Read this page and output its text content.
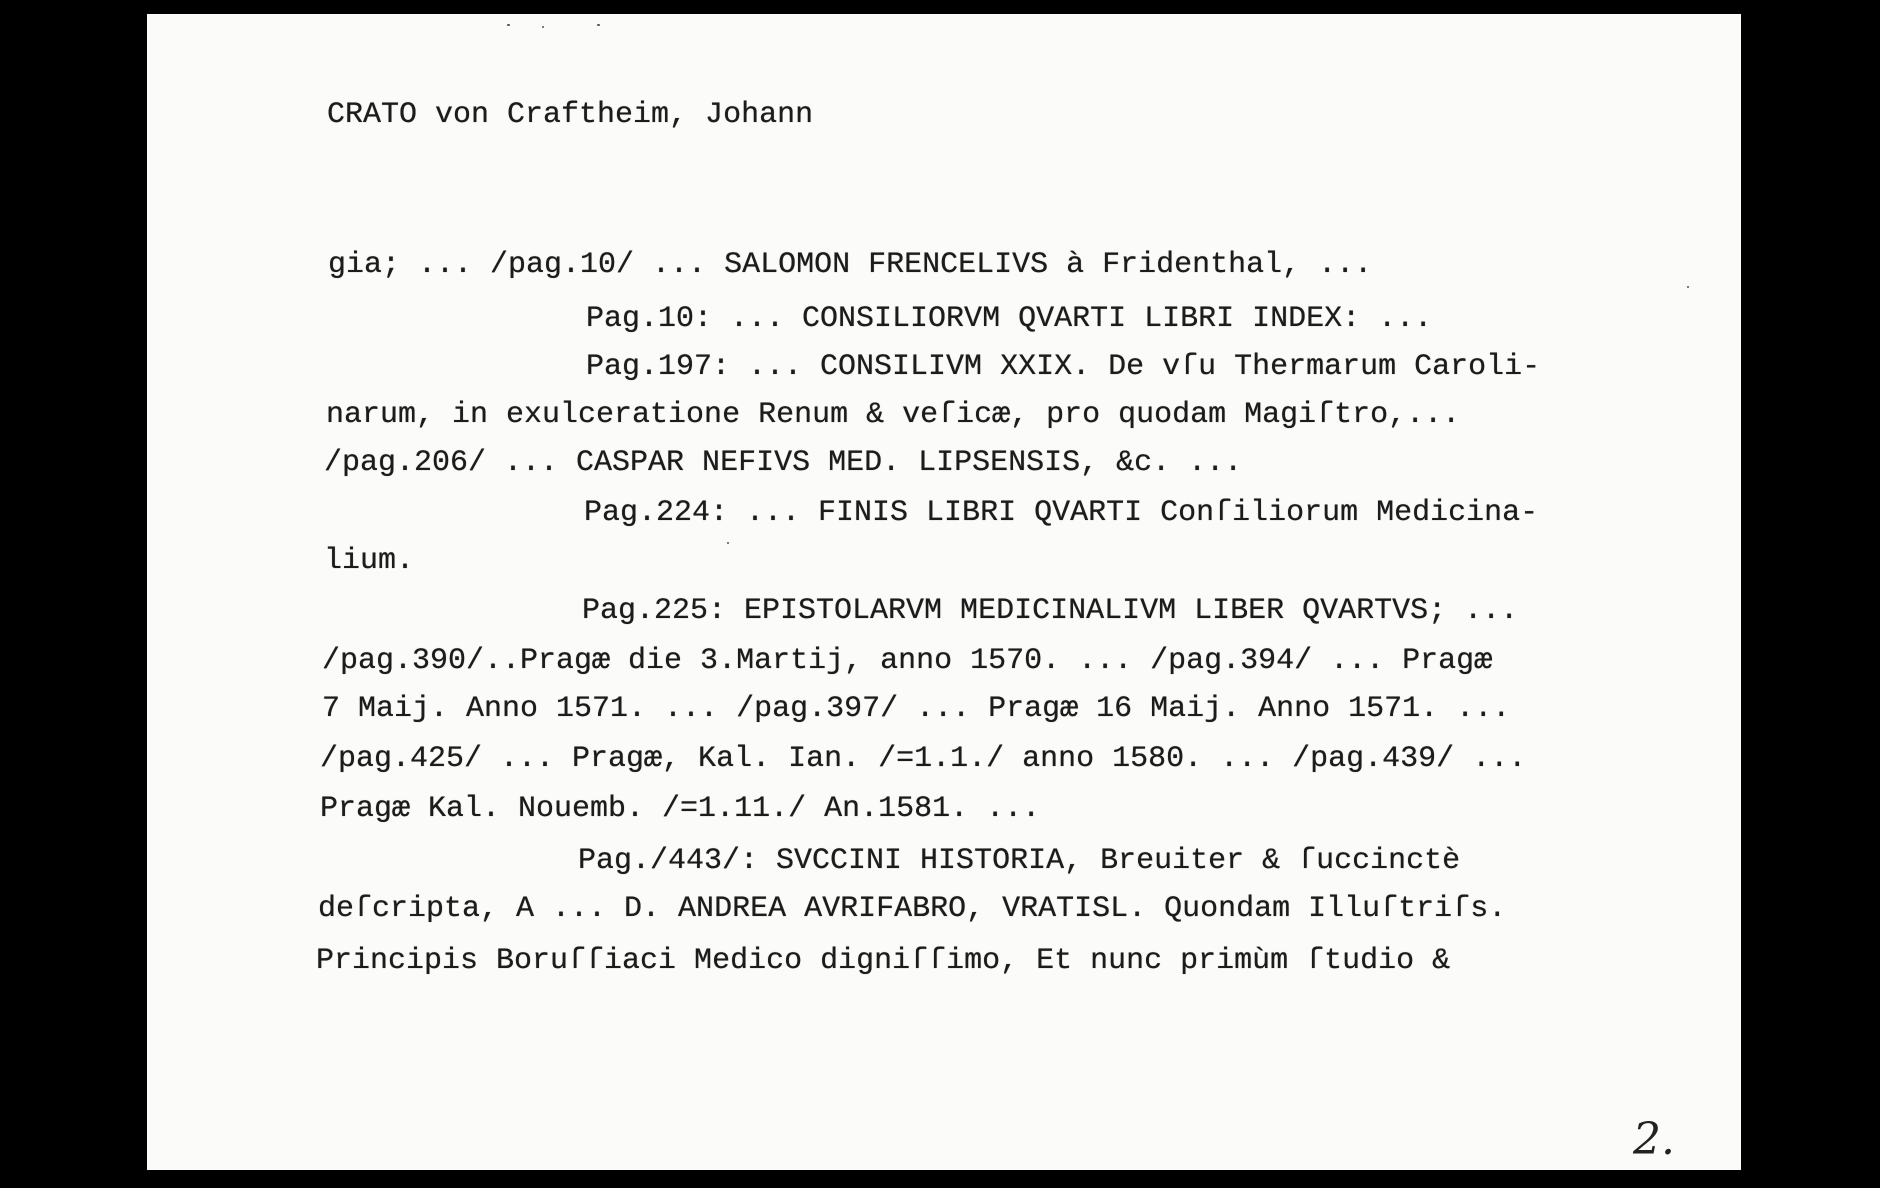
CRATO von Craftheim, Johann
gia; ... /pag.10/ ... SALOMON FRENCELIVS à Fridenthal, ...
Pag.10: ... CONSILIORVM QVARTI LIBRI INDEX: ...
Pag.197: ... CONSILIVM XXIX. De vſu Thermarum Caroli-
narum, in exulceratione Renum & veſicæ, pro quodam Magiſtro,...
/pag.206/ ... CASPAR NEFIVS MED. LIPSENSIS, &c. ...
Pag.224: ... FINIS LIBRI QVARTI Conſiliorum Medicina-
lium.
Pag.225: EPISTOLARVM MEDICINALIVM LIBER QVARTVS; ...
/pag.390/..Pragæ die 3.Martij, anno 1570. ... /pag.394/ ... Pragæ
7 Maij. Anno 1571. ... /pag.397/ ... Pragæ 16 Maij. Anno 1571. ...
/pag.425/ ... Pragæ, Kal. Ian. /=1.1./ anno 1580. ... /pag.439/ ...
Pragæ Kal. Nouemb. /=1.11./ An.1581. ...
Pag./443/: SVCCINI HISTORIA, Breuiter & ſuccinctè
deſcripta, A ... D. ANDREA AVRIFABRO, VRATISL. Quondam Illuſtriſs.
Principis Boruſſiaci Medico digniſſimo, Et nunc primùm ſtudio &
2.
